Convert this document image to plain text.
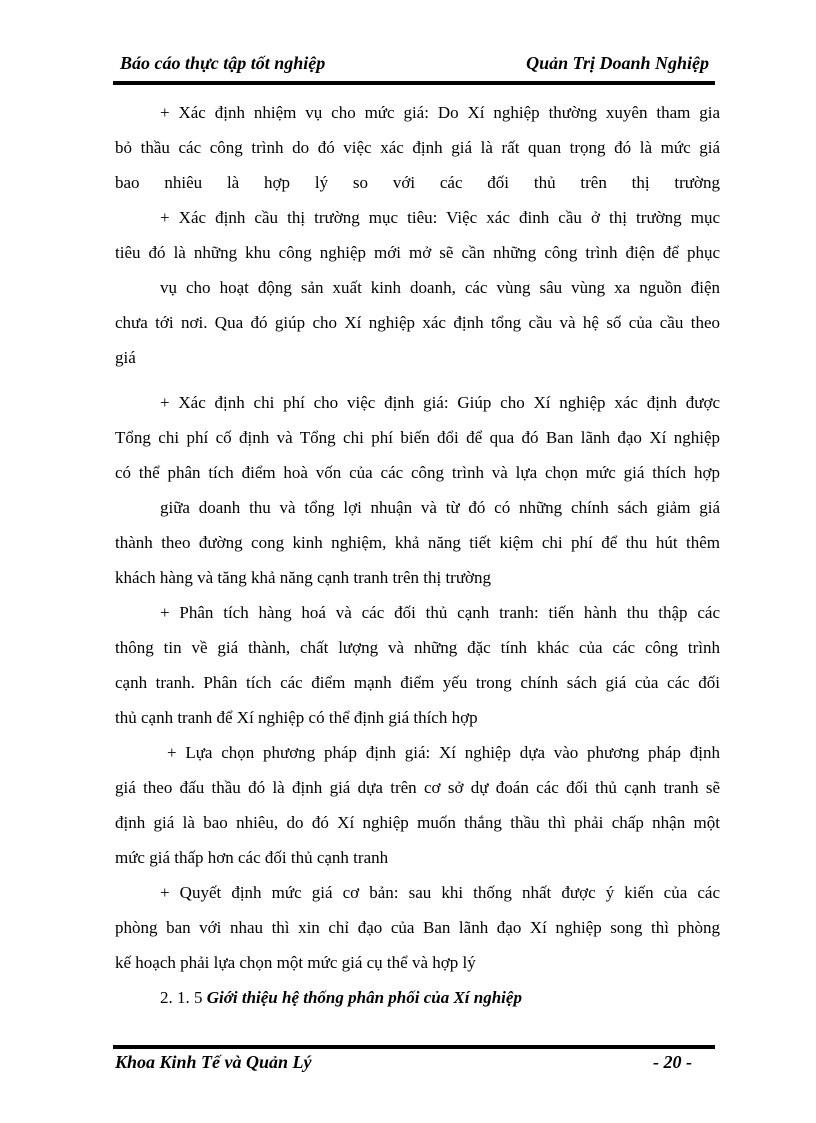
Báo cáo thực tập tốt nghiệp	Quản Trị Doanh Nghiệp
+ Xác định nhiệm vụ cho mức giá: Do Xí nghiệp thường xuyên tham gia
bỏ thầu các công trình do đó việc xác định giá là rất quan trọng đó là mức giá
bao nhiêu là hợp lý so với các đối thủ trên thị trường
+ Xác định cầu thị trường mục tiêu: Việc xác đinh cầu ở thị trường mục
tiêu đó là những khu công nghiệp mới mở sẽ cần những công trình điện để phục
vụ cho hoạt động sản xuất kinh doanh, các vùng sâu vùng xa nguồn điện
chưa tới nơi. Qua đó giúp cho Xí nghiệp xác định tổng cầu và hệ số của cầu theo
giá
+ Xác định chi phí cho việc định giá: Giúp cho Xí nghiệp xác định được
Tổng chi phí cố định và Tổng chi phí biến đổi để qua đó Ban lãnh đạo Xí nghiệp
có thể phân tích điểm hoà vốn của các công trình và lựa chọn mức giá thích hợp
giữa doanh thu và tổng lợi nhuận và từ đó có những chính sách giảm giá
thành theo đường cong kinh nghiệm, khả năng tiết kiệm chi phí để thu hút thêm
khách hàng và tăng khả năng cạnh tranh trên thị trường
+ Phân tích hàng hoá và các đối thủ cạnh tranh: tiến hành thu thập các
thông tin về giá thành, chất lượng và những đặc tính khác của các công trình
cạnh tranh. Phân tích các điểm mạnh điểm yếu trong chính sách giá của các đối
thủ cạnh tranh để Xí nghiệp có thể định giá thích hợp
+ Lựa chọn phương pháp định giá: Xí nghiệp dựa vào phương pháp định
giá theo đấu thầu đó là định giá dựa trên cơ sở dự đoán các đối thủ cạnh tranh sẽ
định giá là bao nhiêu, do đó Xí nghiệp muốn thắng thầu thì phải chấp nhận một
mức giá thấp hơn các đối thủ cạnh tranh
+ Quyết định mức giá cơ bản: sau khi thống nhất được ý kiến của các
phòng ban với nhau thì xin chỉ đạo của Ban lãnh đạo Xí nghiệp song thì phòng
kế hoạch phải lựa chọn một mức giá cụ thể và hợp lý
2. 1. 5 Giới thiệu hệ thống phân phối của Xí nghiệp
Khoa Kinh Tế và Quản Lý	- 20 -
